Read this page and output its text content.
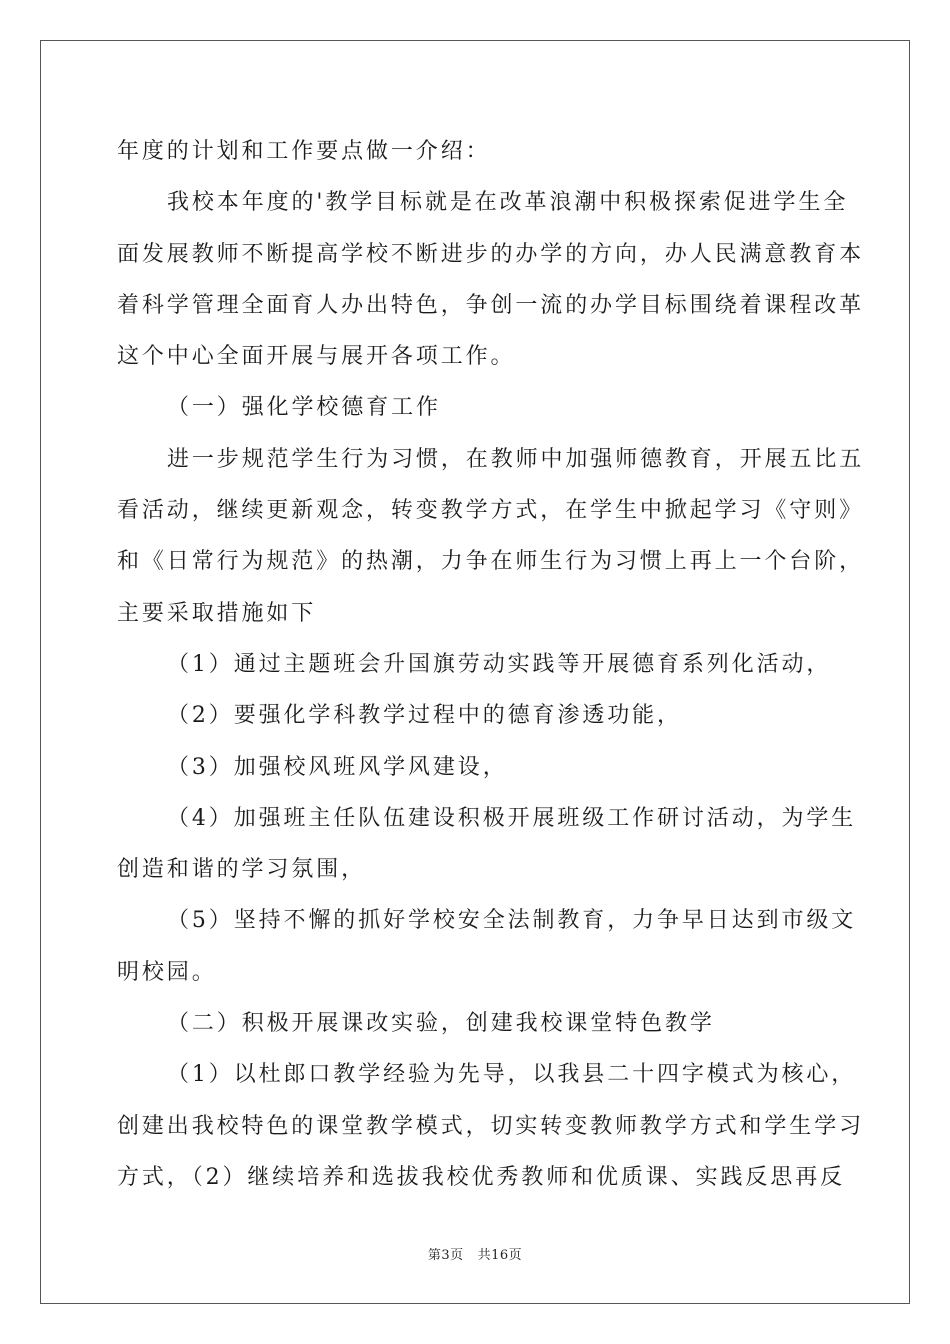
年度的计划和工作要点做一介绍：
我校本年度的'教学目标就是在改革浪潮中积极探索促进学生全
面发展教师不断提高学校不断进步的办学的方向，办人民满意教育本
着科学管理全面育人办出特色，争创一流的办学目标围绕着课程改革
这个中心全面开展与展开各项工作。
（一）强化学校德育工作
进一步规范学生行为习惯，在教师中加强师德教育，开展五比五
看活动，继续更新观念，转变教学方式，在学生中掀起学习《守则》
和《日常行为规范》的热潮，力争在师生行为习惯上再上一个台阶，
主要采取措施如下
（1）通过主题班会升国旗劳动实践等开展德育系列化活动，
（2）要强化学科教学过程中的德育渗透功能，
（3）加强校风班风学风建设，
（4）加强班主任队伍建设积极开展班级工作研讨活动，为学生
创造和谐的学习氛围，
（5）坚持不懈的抓好学校安全法制教育，力争早日达到市级文
明校园。
（二）积极开展课改实验，创建我校课堂特色教学
（1）以杜郎口教学经验为先导，以我县二十四字模式为核心，
创建出我校特色的课堂教学模式，切实转变教师教学方式和学生学习
方式，（2）继续培养和选拔我校优秀教师和优质课、实践反思再反
第3页 共16页
